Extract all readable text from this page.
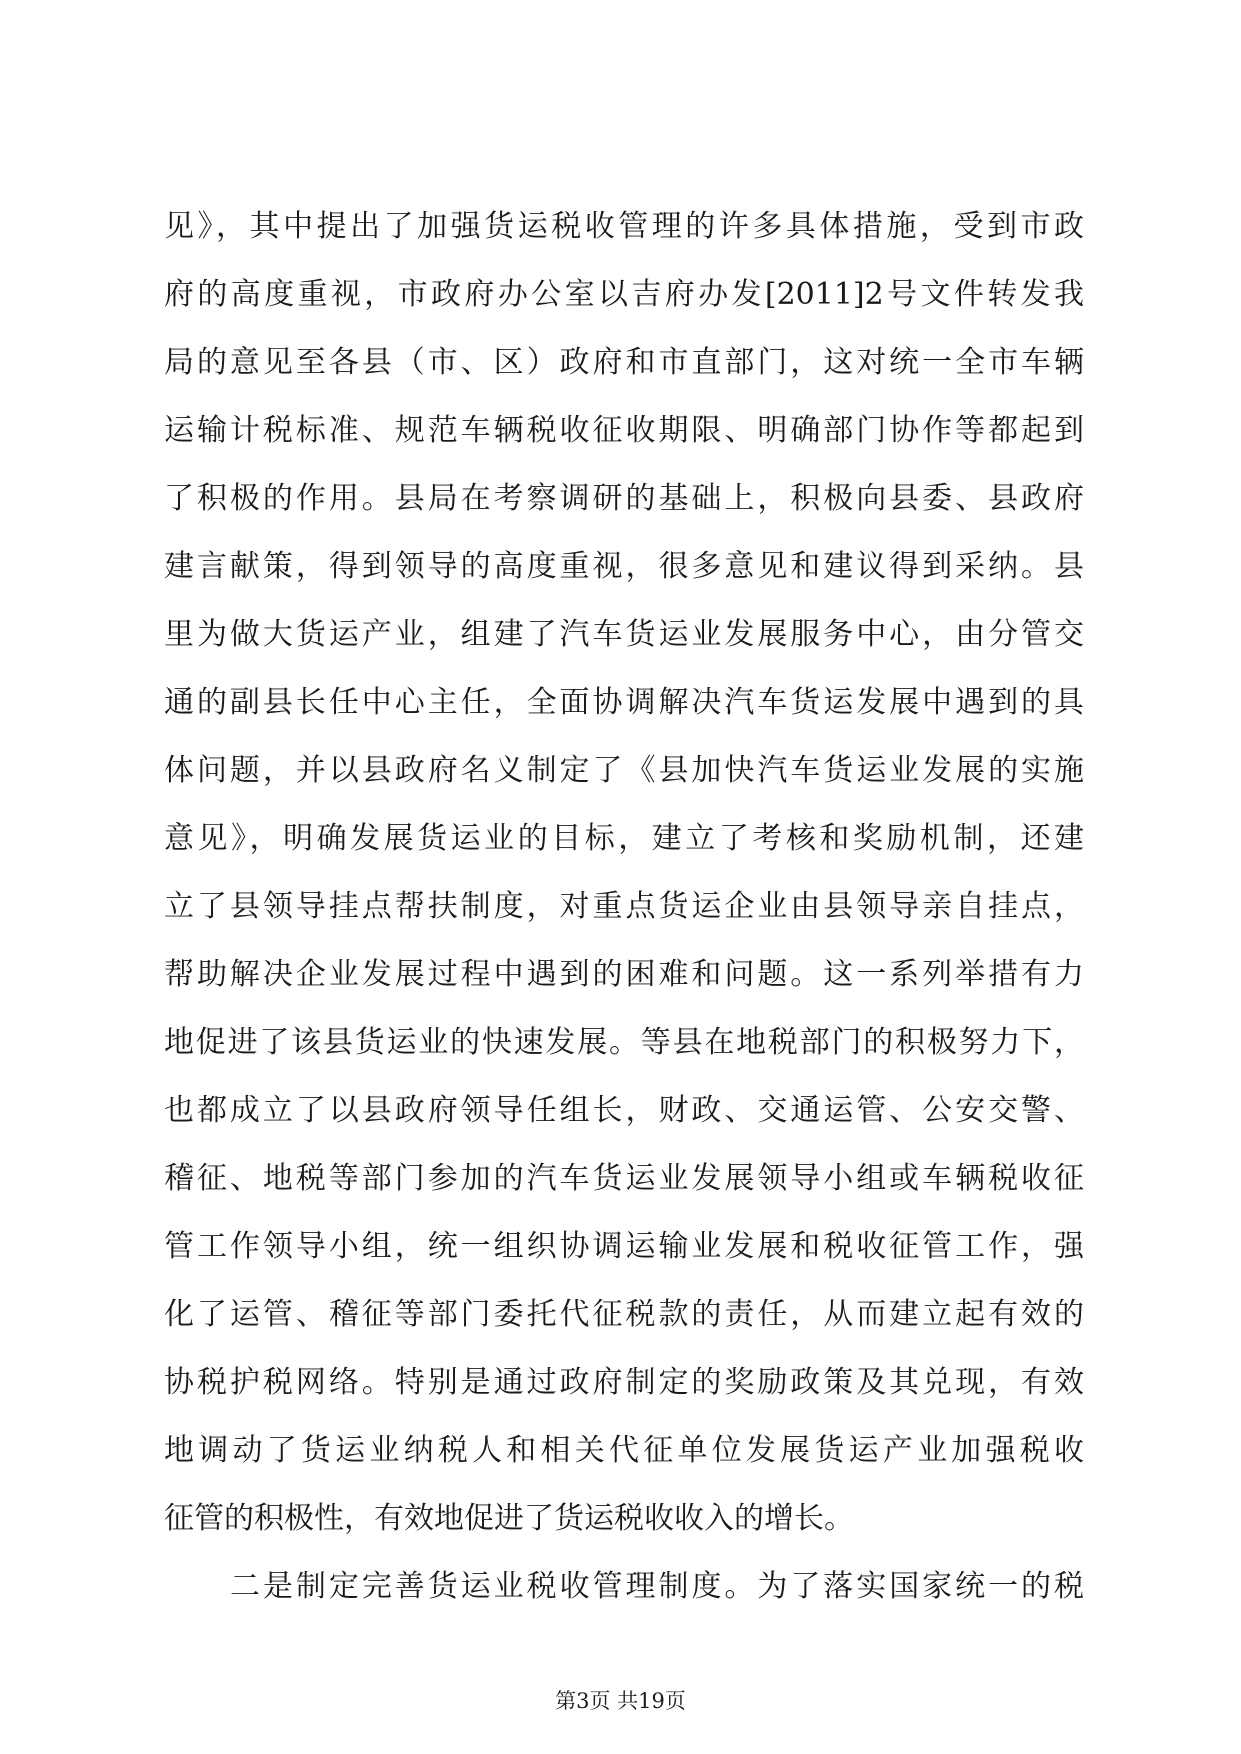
见》，其中提出了加强货运税收管理的许多具体措施，受到市政
府的高度重视，市政府办公室以吉府办发[2011]2号文件转发我
局的意见至各县（市、区）政府和市直部门，这对统一全市车辆
运输计税标准、规范车辆税收征收期限、明确部门协作等都起到
了积极的作用。县局在考察调研的基础上，积极向县委、县政府
建言献策，得到领导的高度重视，很多意见和建议得到采纳。县
里为做大货运产业，组建了汽车货运业发展服务中心，由分管交
通的副县长任中心主任，全面协调解决汽车货运发展中遇到的具
体问题，并以县政府名义制定了《县加快汽车货运业发展的实施
意见》，明确发展货运业的目标，建立了考核和奖励机制，还建
立了县领导挂点帮扶制度，对重点货运企业由县领导亲自挂点，
帮助解决企业发展过程中遇到的困难和问题。这一系列举措有力
地促进了该县货运业的快速发展。等县在地税部门的积极努力下，
也都成立了以县政府领导任组长，财政、交通运管、公安交警、
稽征、地税等部门参加的汽车货运业发展领导小组或车辆税收征
管工作领导小组，统一组织协调运输业发展和税收征管工作，强
化了运管、稽征等部门委托代征税款的责任，从而建立起有效的
协税护税网络。特别是通过政府制定的奖励政策及其兑现，有效
地调动了货运业纳税人和相关代征单位发展货运产业加强税收
征管的积极性，有效地促进了货运税收收入的增长。
二是制定完善货运业税收管理制度。为了落实国家统一的税
第3页 共19页
